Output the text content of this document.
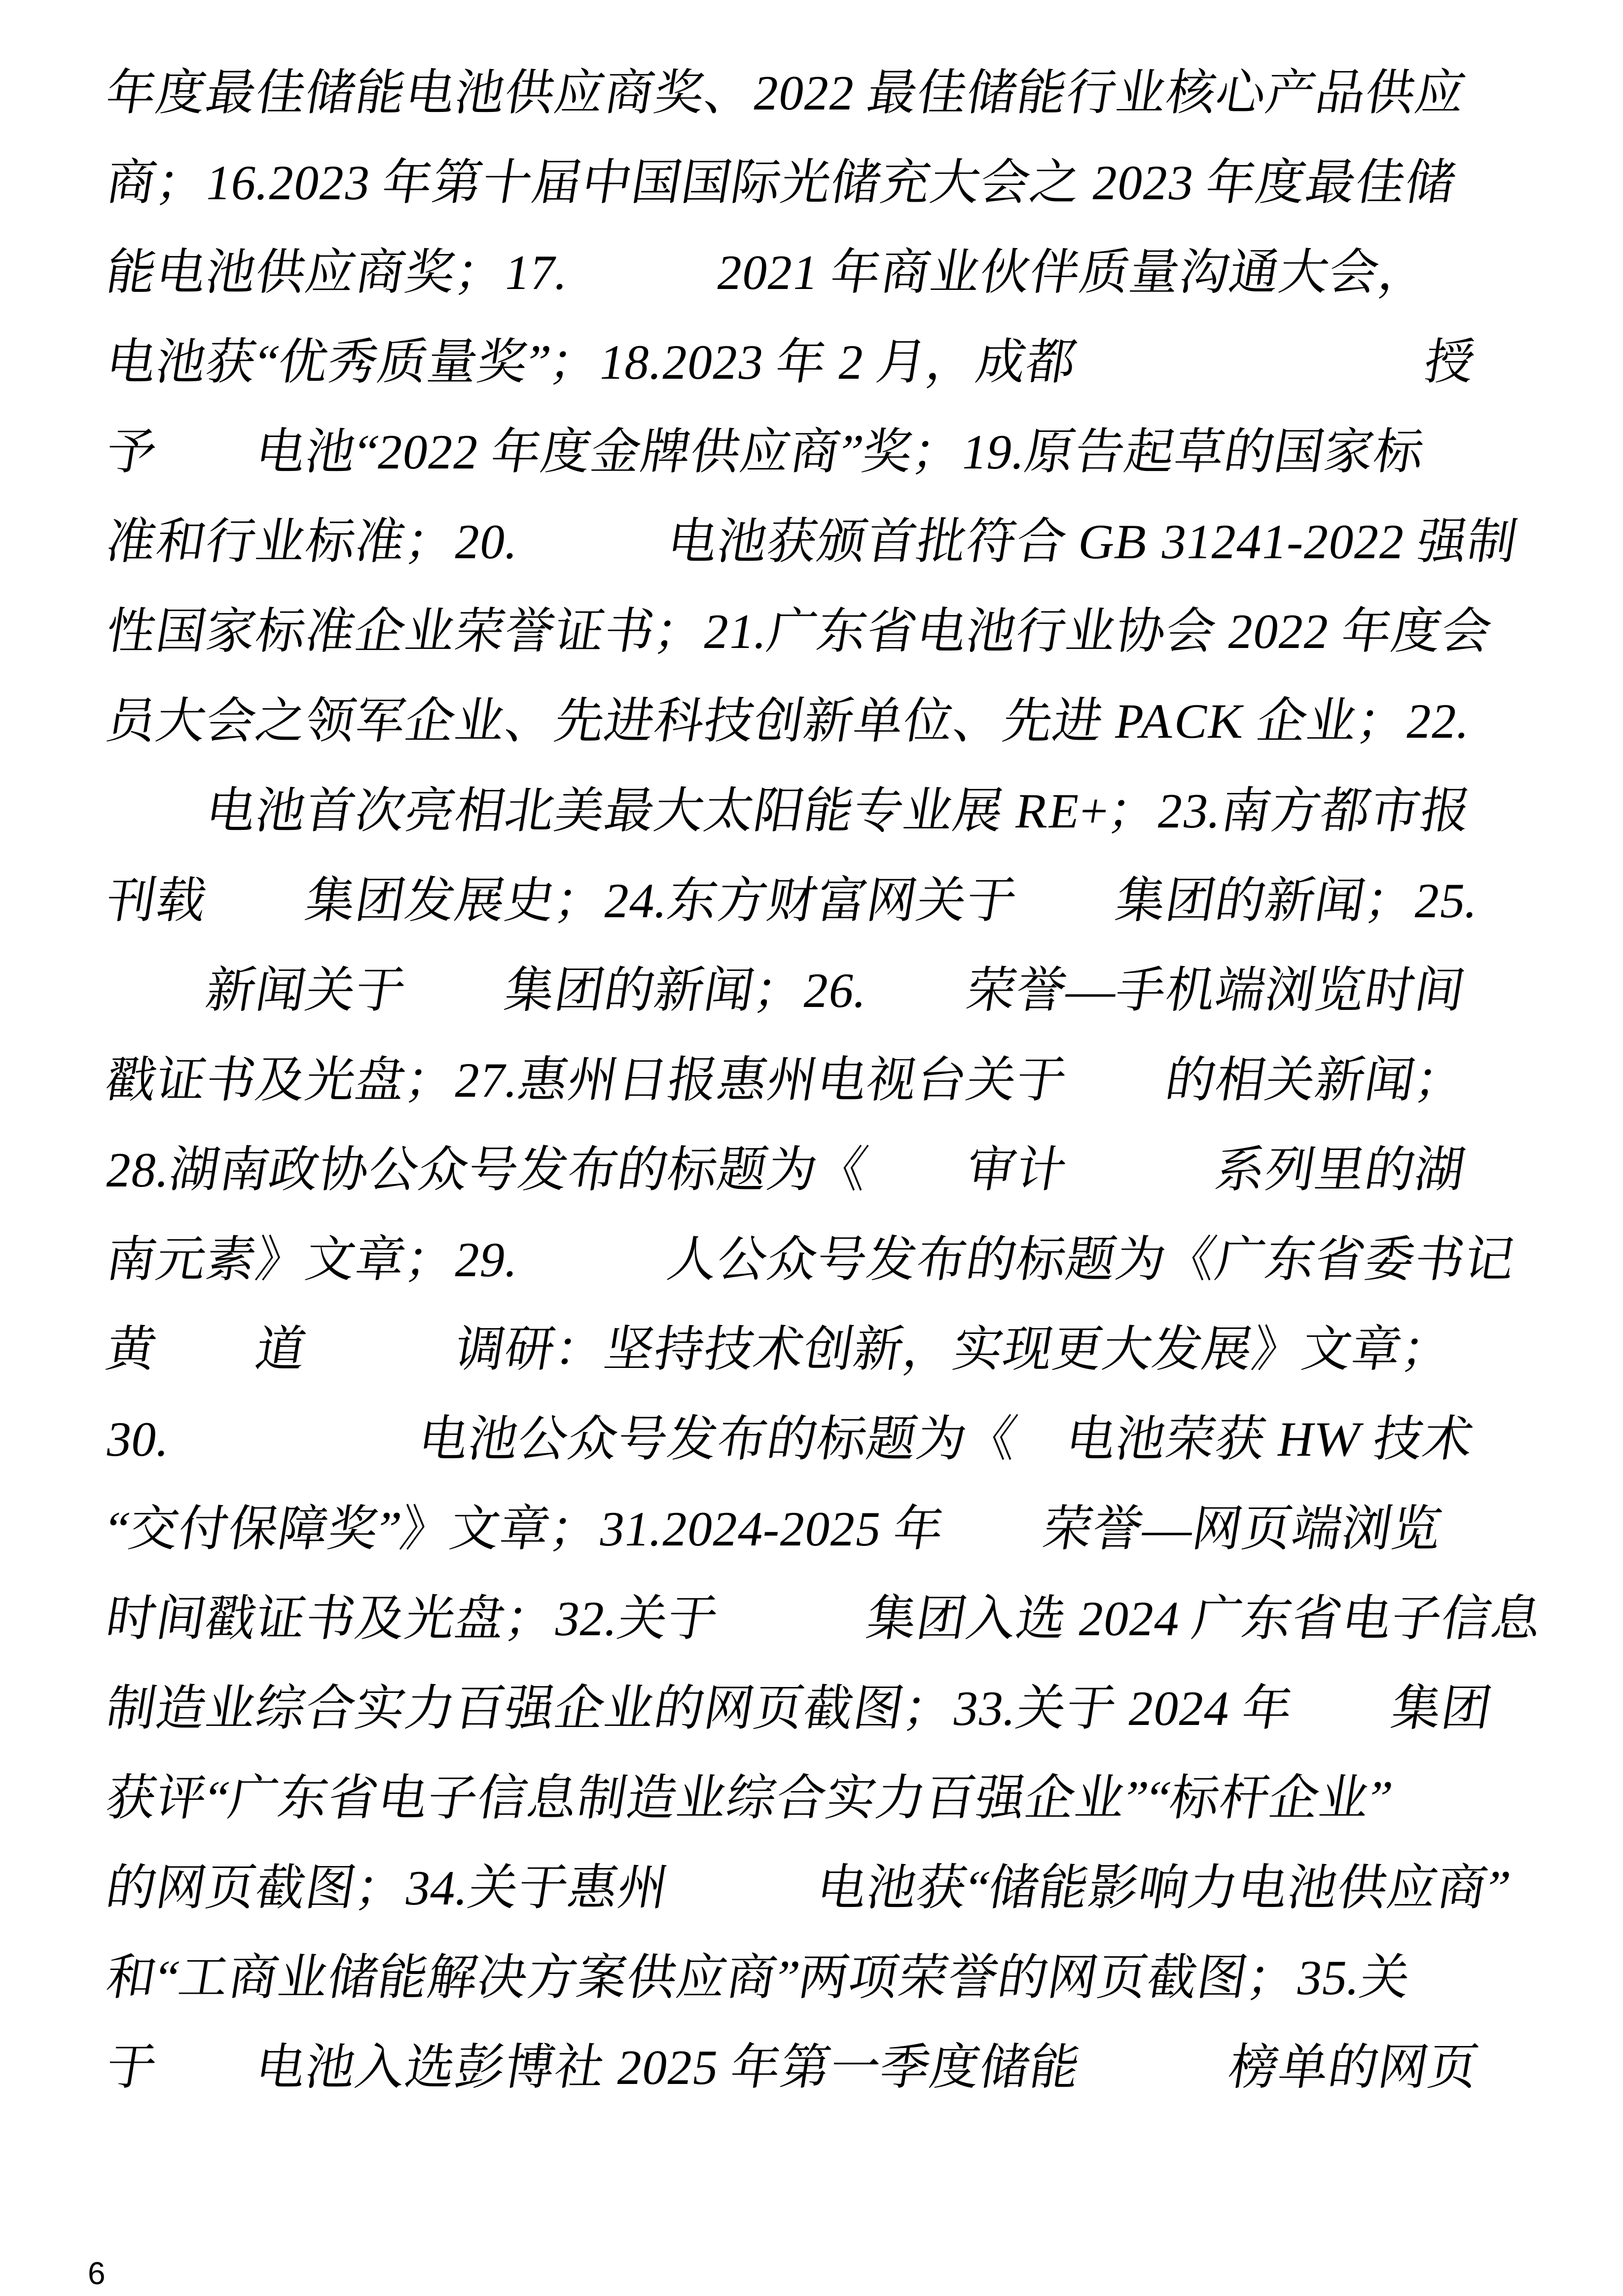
年度最佳储能电池供应商奖、2022 最佳储能行业核心产品供应
商；16.2023 年第十届中国国际光储充大会之 2023 年度最佳储
能电池供应商奖；17.　　　2021 年商业伙伴质量沟通大会，
电池获“优秀质量奖”；18.2023 年 2 月，成都　　　　　　　授
予　　电池“2022 年度金牌供应商”奖；19.原告起草的国家标
准和行业标准；20.　　　电池获颁首批符合 GB 31241-2022 强制
性国家标准企业荣誉证书；21.广东省电池行业协会 2022 年度会
员大会之领军企业、先进科技创新单位、先进 PACK 企业；22.
　　电池首次亮相北美最大太阳能专业展 RE+；23.南方都市报
刊载　　集团发展史；24.东方财富网关于　　集团的新闻；25.
　　新闻关于　　集团的新闻；26.　　荣誉—手机端浏览时间
戳证书及光盘；27.惠州日报惠州电视台关于　　的相关新闻；
28.湖南政协公众号发布的标题为《　　审计　　　系列里的湖
南元素》文章；29.　　　人公众号发布的标题为《广东省委书记
黄　　道　　　调研：坚持技术创新，实现更大发展》文章；
30.　　　　　电池公众号发布的标题为《　电池荣获 HW 技术
“交付保障奖”》文章；31.2024-2025 年　　荣誉—网页端浏览
时间戳证书及光盘；32.关于　　　集团入选 2024 广东省电子信息
制造业综合实力百强企业的网页截图；33.关于 2024 年　　集团
获评“广东省电子信息制造业综合实力百强企业”“标杆企业”
的网页截图；34.关于惠州　　　电池获“储能影响力电池供应商”
和“工商业储能解决方案供应商”两项荣誉的网页截图；35.关
于　　电池入选彭博社 2025 年第一季度储能　　　榜单的网页
6
